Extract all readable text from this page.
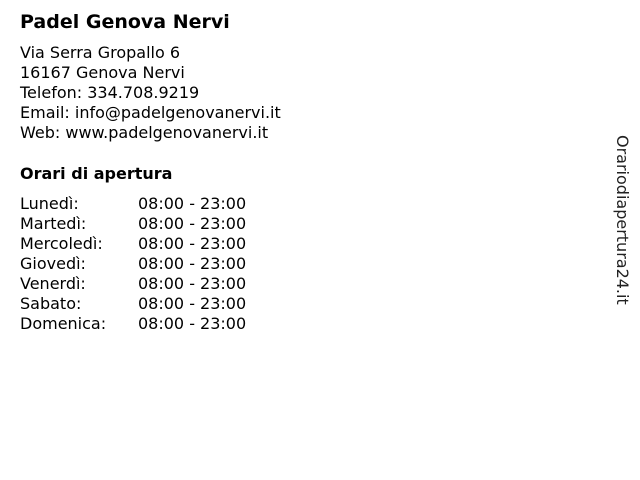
Padel Genova Nervi
Via Serra Gropallo 6
16167 Genova Nervi
Telefon: 334.708.9219
Email: info@padelgenovanervi.it
Web: www.padelgenovanervi.it
Orari di apertura
Lunedì:	08:00 - 23:00
Martedì:	08:00 - 23:00
Mercoledì:	08:00 - 23:00
Giovedì:	08:00 - 23:00
Venerdì:	08:00 - 23:00
Sabato:	08:00 - 23:00
Domenica:	08:00 - 23:00
Orariodiapertura24.it
